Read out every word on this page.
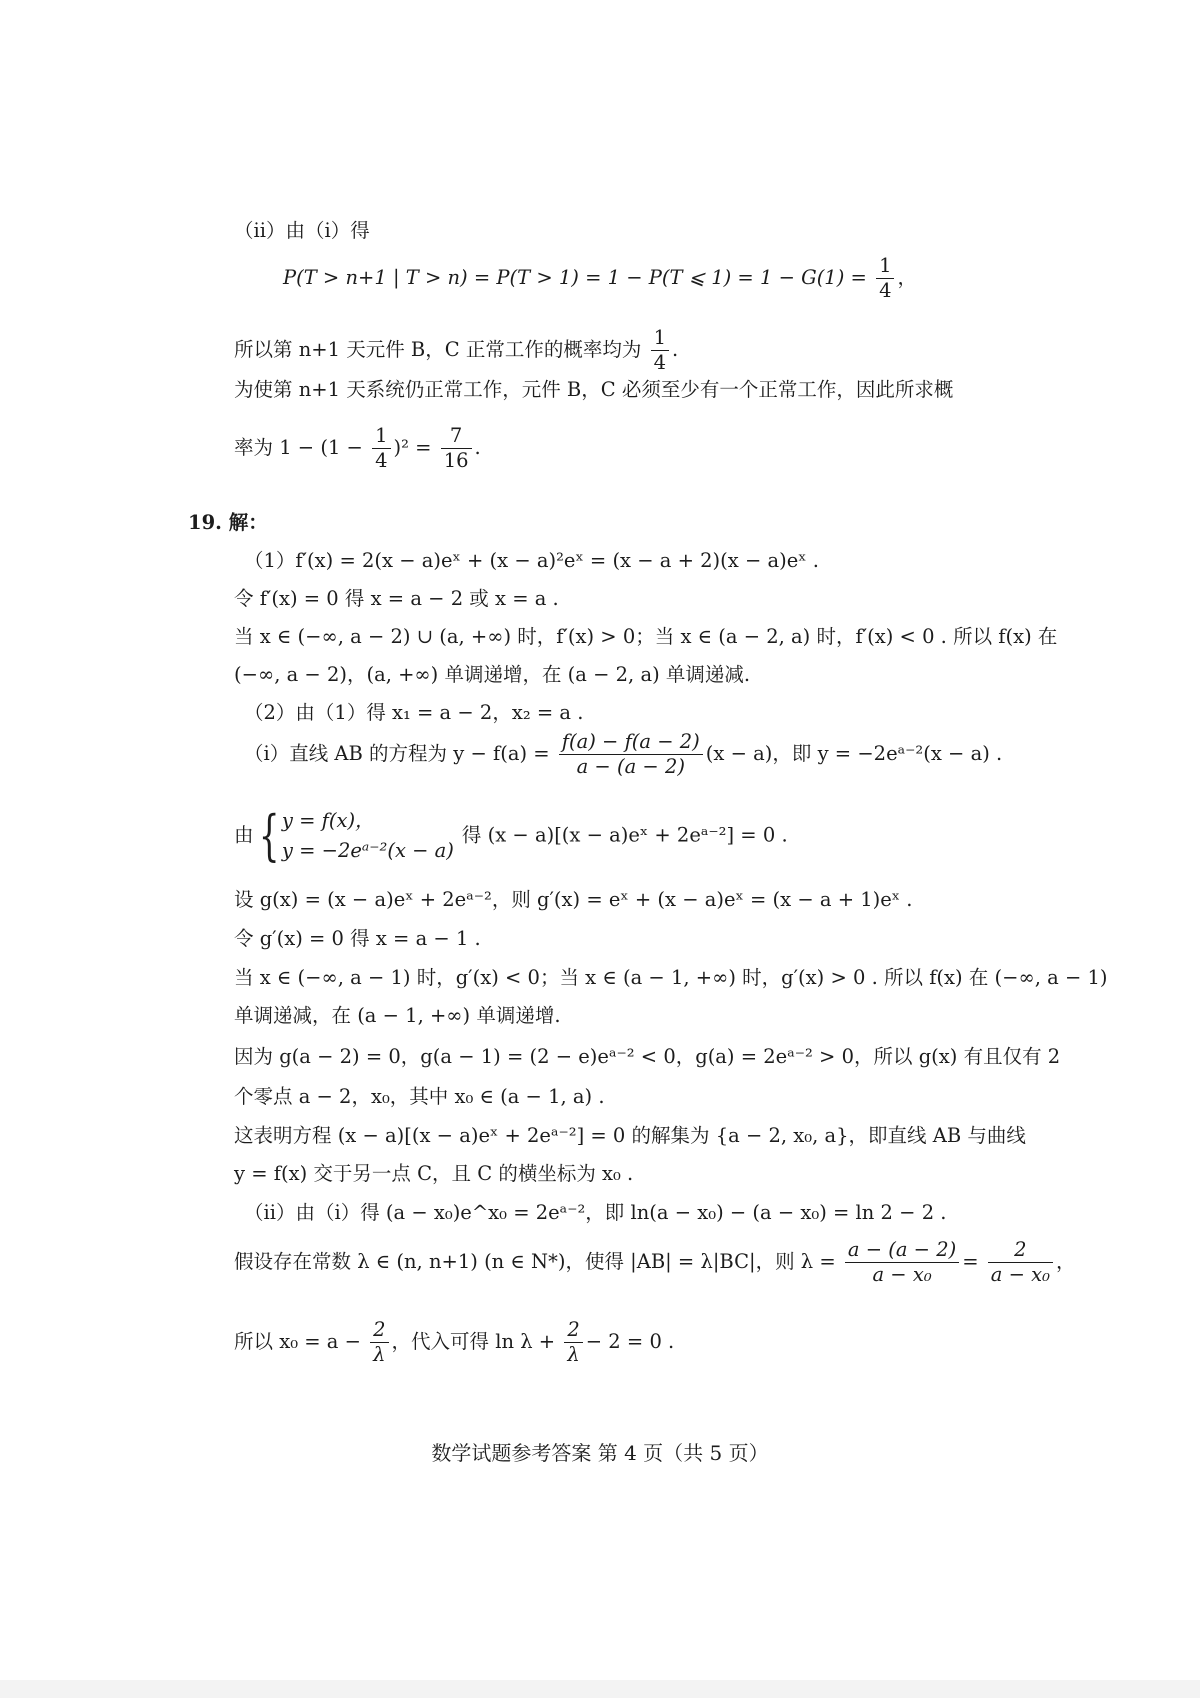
（ii）由（i）得
P(T > n+1 | T > n) = P(T > 1) = 1 − P(T ⩽ $1) = 1 - G(1) = \frac{1}{4}$ ，
所以第 n+1 天元件 B，C 正常工作的概率均为 $\frac{1}{4}$ .
为使第 n+1 天系统仍正常工作，元件 B，C 必须至少有一个正常工作，因此所求概
率为 $1 - (1 - \frac{1}{4} )^2 = \frac{7}{16}$ .
19. 解：
（1）f′(x) = 2(x − a)eˣ + (x − a)²eˣ = (x − a + 2)(x − a)eˣ .
令 f′(x) = 0 得 x = a − 2 或 x = a .
当 x ∈ (−∞, a − 2) ∪ (a, +∞) 时，f′(x) > 0；当 x ∈ (a − 2, a) 时，f′(x) < 0 . 所以 f(x) 在
(−∞, a − 2)，(a, +∞) 单调递增，在 (a − 2, a) 单调递减.
（2）由（1）得 x₁ = a − 2，x₂ = a .
（i）直线 AB 的方程为 $y - f(a) = \frac{f(a) - f(a - 2)}{a - (a - 2)} (x - a)$，即 y = −2eᵃ⁻²(x − a) .
由{ y = f(x)，
y = −2eᵃ⁻²(x − a)
得 (x − a)[(x − a)eˣ + 2eᵃ⁻²] = 0 .
设 g(x) = (x − a)eˣ + 2eᵃ⁻²，则 g′(x) = eˣ + (x − a)eˣ = (x − a + 1)eˣ .
令 g′(x) = 0 得 x = a − 1 .
当 x ∈ (−∞, a − 1) 时，g′(x) < 0；当 x ∈ (a − 1, +∞) 时，g′(x) > 0 . 所以 f(x) 在 (−∞, a − 1)
单调递减，在 (a − 1, +∞) 单调递增.
因为 g(a − 2) = 0，g(a − 1) = (2 − e)eᵃ⁻² < 0，g(a) = 2eᵃ⁻² > 0，所以 g(x) 有且仅有 2
个零点 a − 2，x₀，其中 x₀ ∈ (a − 1, a) .
这表明方程 (x − a)[(x − a)eˣ + 2eᵃ⁻²] = 0 的解集为 {a − 2, x₀, a}，即直线 AB 与曲线
y = f(x) 交于另一点 C，且 C 的横坐标为 x₀ .
（ii）由（i）得 (a − x₀)e^x₀ = 2eᵃ⁻²，即 ln(a − x₀) − (a − x₀) = ln 2 − 2 .
假设存在常数 λ ∈ (n, n+1) (n ∈ N*)，使得 |AB| = λ|BC|，则 $\lambda = \frac{a - (a - 2)}{\text{a − x₀}} = \frac{2}{\text{a − x₀}}$ ，
所以 $x_0 = a - \frac{2}{\lambda}$ ，代入可得 $\ln \lambda + \frac{2}{\lambda} - 2 = 0$ .
数学试题参考答案 第 4 页（共 5 页）
